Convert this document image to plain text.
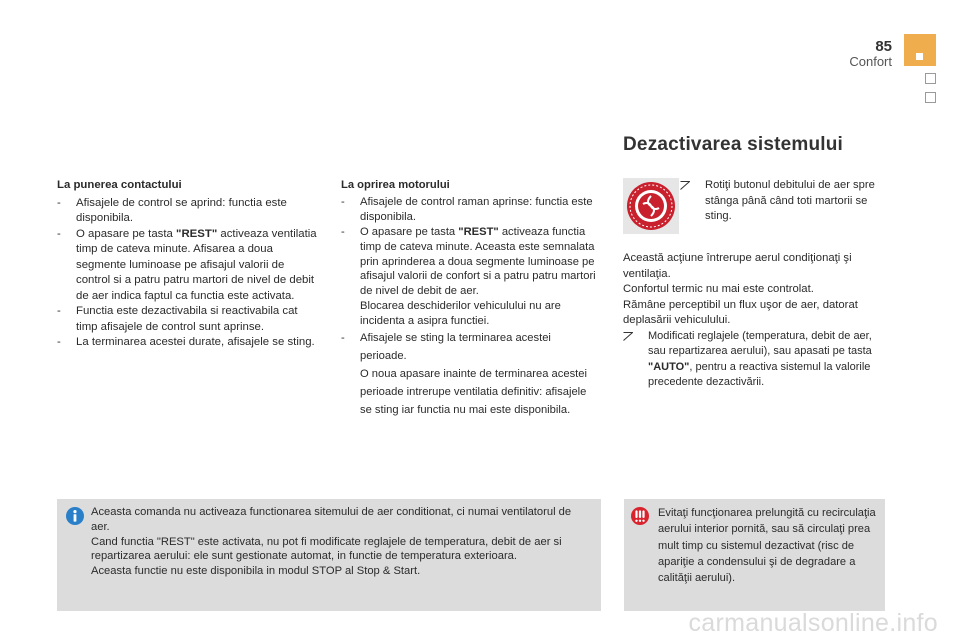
85
Confort
La punerea contactului
- Afisajele de control se aprind: functia este disponibila.
- O apasare pe tasta "REST" activeaza ventilatia timp de cateva minute. Afisarea a doua segmente luminoase pe afisajul valorii de control si a patru patru martori de nivel de debit de aer indica faptul ca functia este activata.
- Functia este dezactivabila si reactivabila cat timp afisajele de control sunt aprinse.
- La terminarea acestei durate, afisajele se sting.
La oprirea motorului
- Afisajele de control raman aprinse: functia este disponibila.
- O apasare pe tasta "REST" activeaza functia timp de cateva minute. Aceasta este semnalata prin aprinderea a doua segmente luminoase pe afisajul valorii de confort si a patru patru martori de nivel de debit de aer.
Blocarea deschiderilor vehiculului nu are incidenta a asipra functiei.
- Afisajele se sting la terminarea acestei perioade.
O noua apasare inainte de terminarea acestei perioade intrerupe ventilatia definitiv: afisajele se sting iar functia nu mai este disponibila.
Dezactivarea sistemului
Rotiţi butonul debitului de aer spre stânga până când toti martorii se sting.
Această acţiune întrerupe aerul condiţionaţi şi ventilaţia.
Confortul termic nu mai este controlat.
Rămâne perceptibil un flux uşor de aer, datorat deplasării vehiculului.
Modificati reglajele (temperatura, debit de aer, sau repartizarea aerului), sau apasati pe tasta "AUTO", pentru a reactiva sistemul la valorile precedente dezactivării.
Aceasta comanda nu activeaza functionarea sitemului de aer conditionat, ci numai ventilatorul de aer.
Cand functia "REST" este activata, nu pot fi modificate reglajele de temperatura, debit de aer si repartizarea aerului: ele sunt gestionate automat, in functie de temperatura exterioara.
Aceasta functie nu este disponibila in modul STOP al Stop & Start.
Evitaţi funcţionarea prelungită cu recirculaţia aerului interior pornită, sau să circulaţi prea mult timp cu sistemul dezactivat (risc de apariţie a condensului şi de degradare a calităţii aerului).
carmanualsonline.info
